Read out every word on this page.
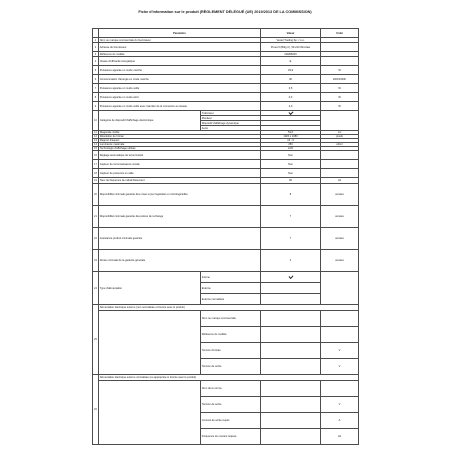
Fiche d'information sur le produit (RÈGLEMENT DÉLÉGUÉ (UE) 2019/2013 DE LA COMMISSION)
	Paramètre		Valeur	Unité
1	Nom ou marque commerciale du fournisseur		Vestel Trading Sp. z o.o.	
2	Adresse du fournisseur		Prusa 5 (Bldg C), 50-210 Wroclaw	
3	Référence du modèle		22HB6000	
4	Classe d'efficacité énergétique		E	
5	Puissance appelée en mode marche		29,9	W
6	Consommation d'énergie en mode marche		30	kWh/1000h
7	Puissance appelée en mode veille		0,5	W
8	Puissance appelée en mode arrêt		0,3	W
9	Puissance appelée en mode veille avec maintien de la connexion au réseau		2,0	W
10	Catégorie de dispositif d'affichage électronique	Téléviseur		
		Moniteur		
		Dispositif d'affichage dynamique		
		Autre		
11	Diagonale visible		54,6	cm
12	Résolution de l'écran		1920 x 1080	pixels
13	Rapport d'aspect		16 : 9	
14	Luminance maximale		250	cd/m²
15	Technologie d'affichage utilisée		LCD	
16	Réglage automatique de la luminosité		Non	
17	Capteur de reconnaissance vocale		Non	
18	Capteur de présence en salle		Non	
19	Taux de fréquence de rafraîchissement		60	Hz
20	Disponibilité minimale garantie des mises à jour logicielles et micrologicielles		8	années
21	Disponibilité minimale garantie des pièces de rechange		7	années
22	Assistance produit minimale garantie		7	années
23	Durée minimale de la garantie générale		2	années
24	Type d'alimentation	Interne		
		Externe		
		Externe normalisée		
25	Alimentation électrique externe (non normalisée et fournie avec le produit)			
		Nom ou marque commerciale		
		Référence du modèle		
		Tension d'entrée		V
		Tension de sortie		V
26	Alimentation électrique externe normalisée (ou appropriée si fournie avec le produit)			
		Nom de la norme		
		Tension de sortie		V
		Courant de sortie requis		A
		Fréquence du courant requise		Hz
